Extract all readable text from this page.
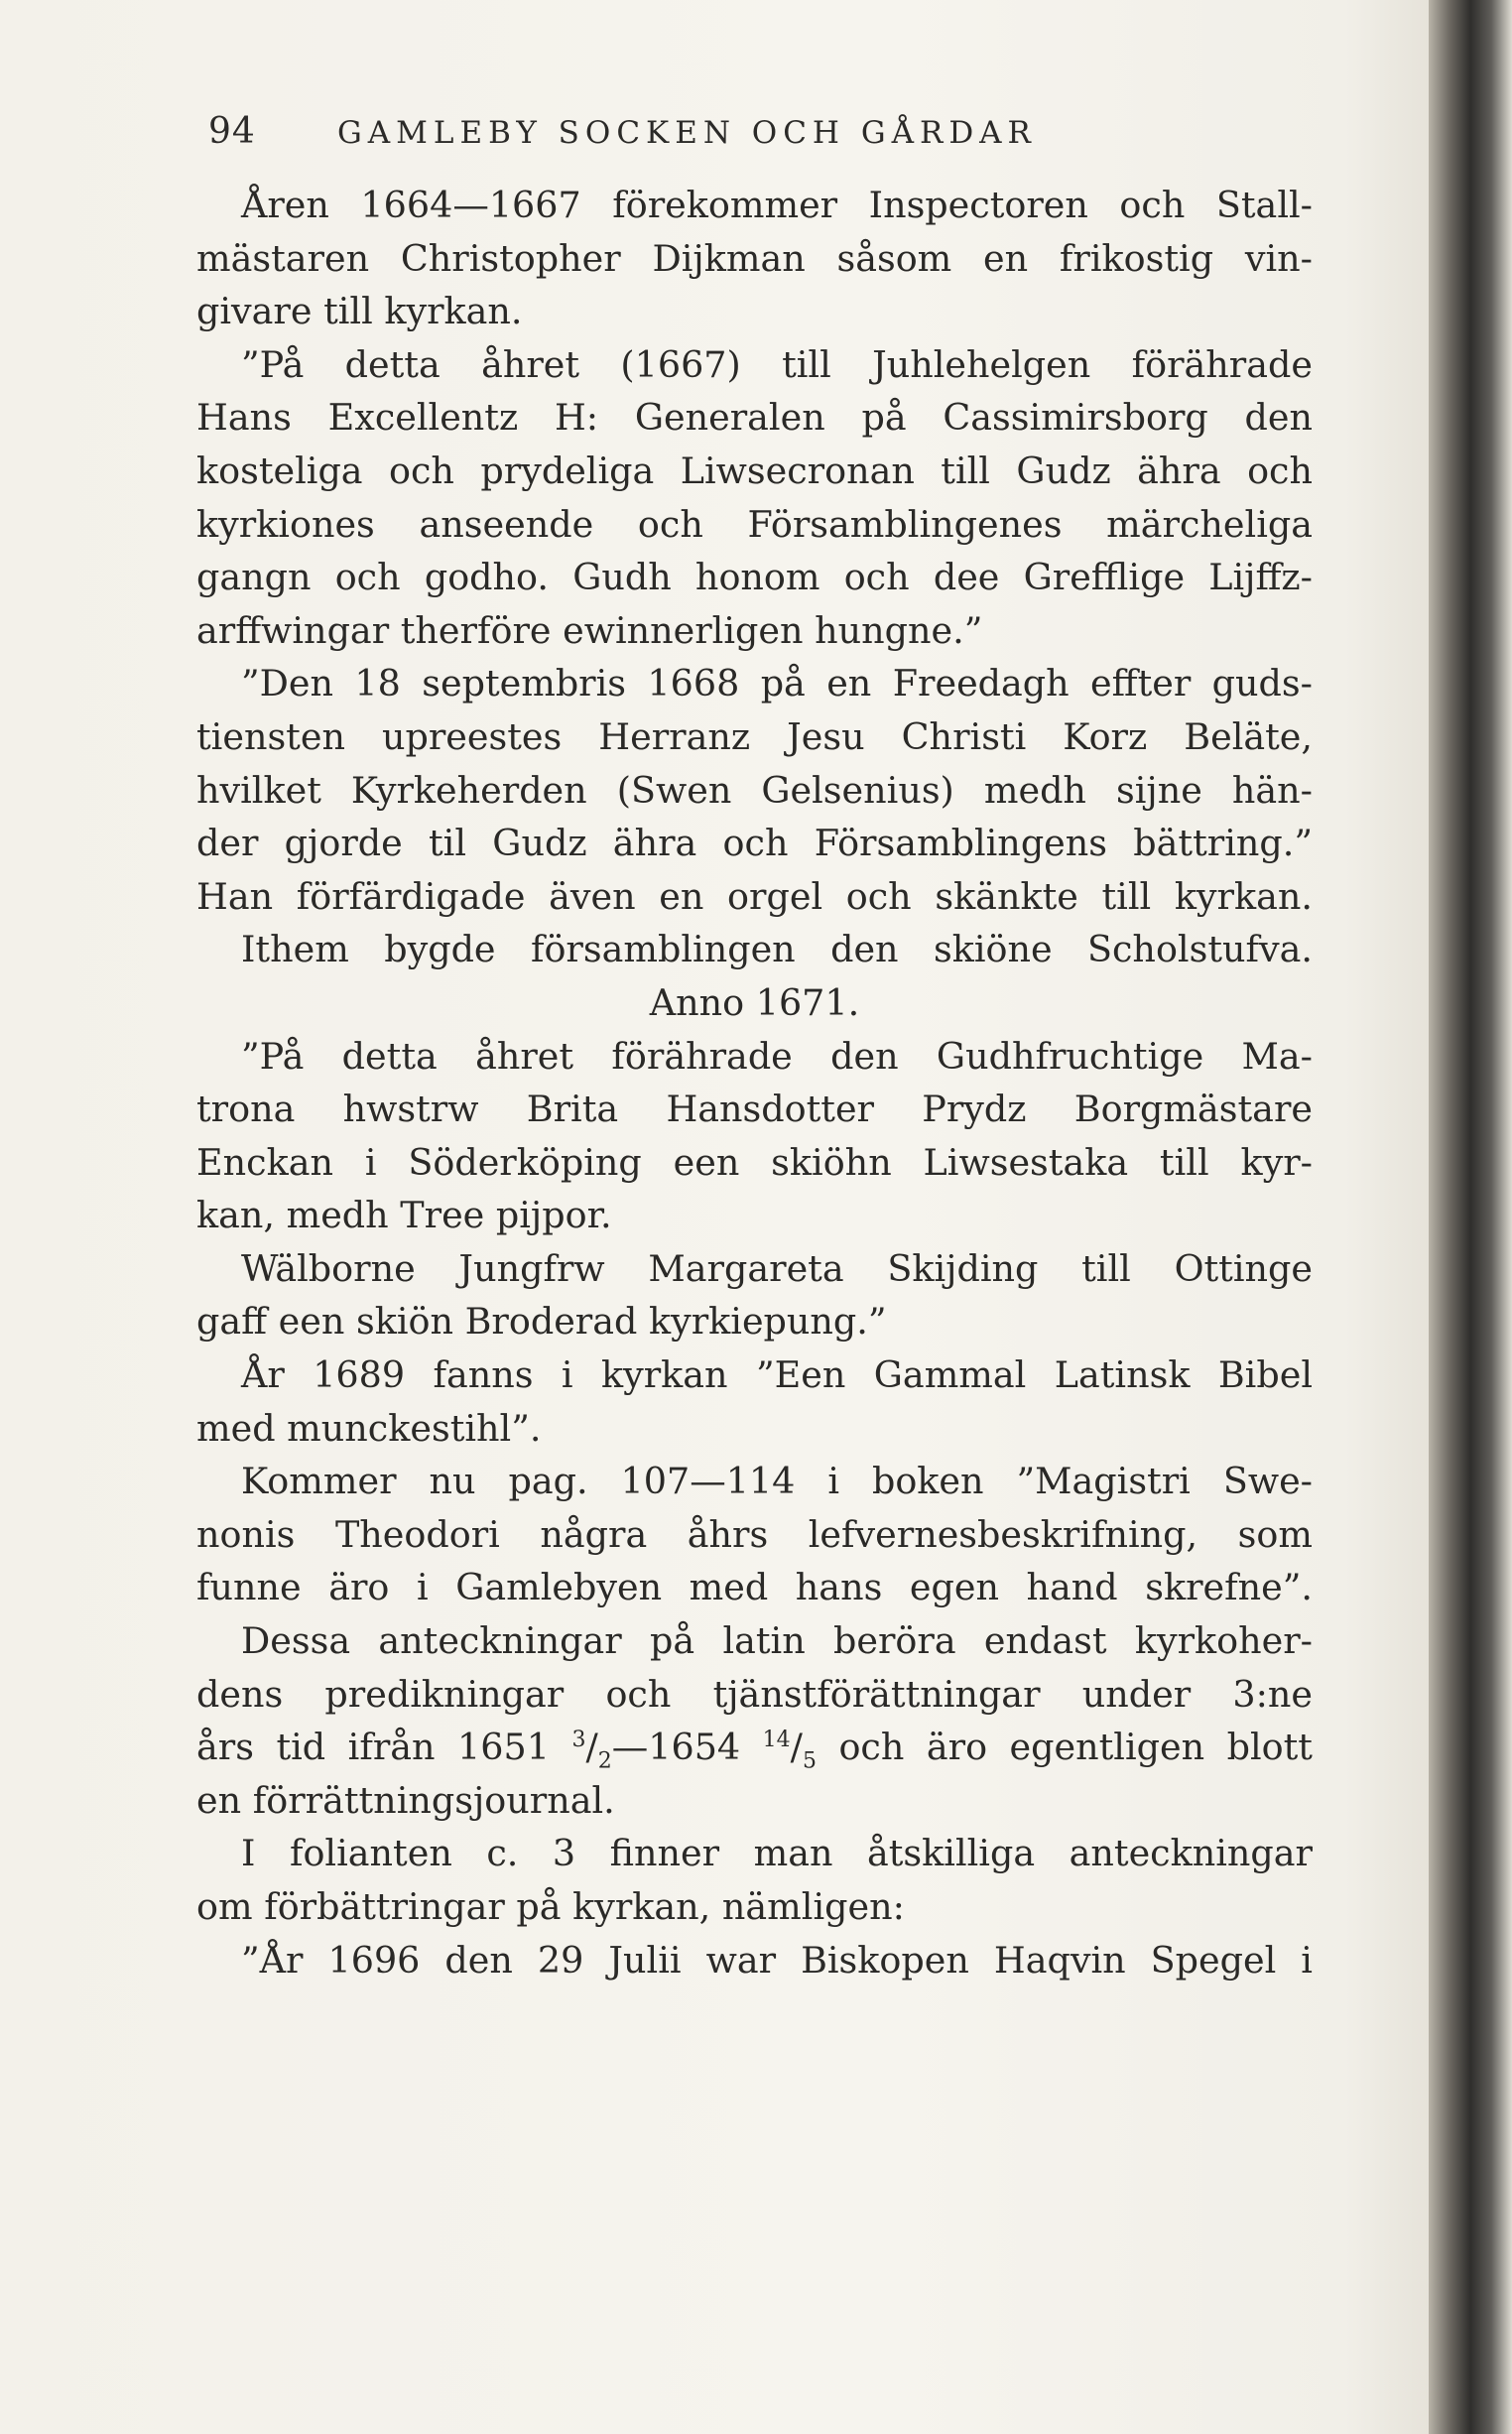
94	GAMLEBY SOCKEN OCH GÅRDAR
Åren 1664—1667 förekommer Inspectoren och Stall-
mästaren Christopher Dijkman såsom en frikostig vin-
givare till kyrkan.
”På detta åhret (1667) till Juhlehelgen förährade
Hans Excellentz H: Generalen på Cassimirsborg den
kosteliga och prydeliga Liwsecronan till Gudz ähra och
kyrkiones anseende och Församblingenes märcheliga
gangn och godho. Gudh honom och dee Grefflige Lijffz-
arffwingar therföre ewinnerligen hungne.”
”Den 18 septembris 1668 på en Freedagh effter guds-
tiensten upreestes Herranz Jesu Christi Korz Beläte,
hvilket Kyrkeherden (Swen Gelsenius) medh sijne hän-
der gjorde til Gudz ähra och Församblingens bättring.”
Han förfärdigade även en orgel och skänkte till kyrkan.
Ithem bygde församblingen den skiöne Scholstufva.
Anno 1671.
”På detta åhret förährade den Gudhfruchtige Ma-
trona hwstrw Brita Hansdotter Prydz Borgmästare
Enckan i Söderköping een skiöhn Liwsestaka till kyr-
kan, medh Tree pijpor.
Wälborne Jungfrw Margareta Skijding till Ottinge
gaff een skiön Broderad kyrkiepung.”
År 1689 fanns i kyrkan ”Een Gammal Latinsk Bibel
med munckestihl”.
Kommer nu pag. 107—114 i boken ”Magistri Swe-
nonis Theodori några åhrs lefvernesbeskrifning, som
funne äro i Gamlebyen med hans egen hand skrefne”.
Dessa anteckningar på latin beröra endast kyrkoher-
dens predikningar och tjänstförättningar under 3:ne
års tid ifrån 1651 $^3/_2—1654$ $^{14}/_5$ och äro egentligen blott
en förrättningsjournal.
I folianten c. 3 finner man åtskilliga anteckningar
om förbättringar på kyrkan, nämligen:
”År 1696 den 29 Julii war Biskopen Haqvin Spegel i
